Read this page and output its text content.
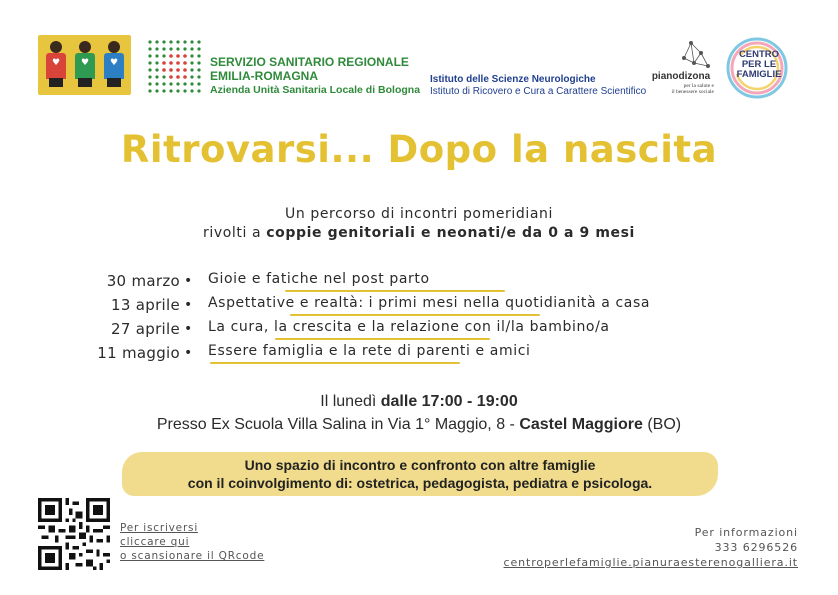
♥ ♥ ♥	SERVIZIO SANITARIO REGIONALE
EMILIA-ROMAGNA
Azienda Unità Sanitaria Locale di Bologna
Istituto delle Scienze Neurologiche
Istituto di Ricovero e Cura a Carattere Scientifico
pianodizona
per la salute e
il benessere sociale
CENTRO
PER LE
FAMIGLIE
Ritrovarsi... Dopo la nascita
Un percorso di incontri pomeridiani
rivolti a coppie genitoriali e neonati/e da 0 a 9 mesi
30 marzo • Gioie e fatiche nel post parto
13 aprile • Aspettative e realtà: i primi mesi nella quotidianità a casa
27 aprile • La cura, la crescita e la relazione con il/la bambino/a
11 maggio • Essere famiglia e la rete di parenti e amici
Il lunedì dalle 17:00 - 19:00
Presso Ex Scuola Villa Salina in Via 1° Maggio, 8 - Castel Maggiore (BO)
Uno spazio di incontro e confronto con altre famiglie
con il coinvolgimento di: ostetrica, pedagogista, pediatra e psicologa.
Per iscriversi
cliccare qui
o scansionare il QRcode
Per informazioni
333 6296526
centroperlefamiglie.pianuraesterenogalliera.it
